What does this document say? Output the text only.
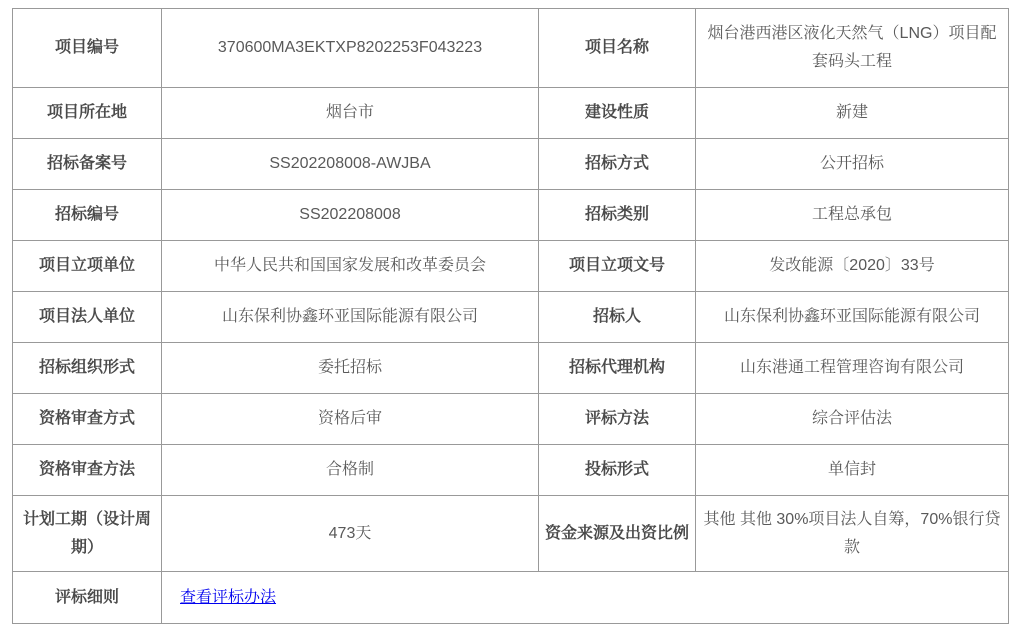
项目编号	370600MA3EKTXP8202253F043223	项目名称	烟台港西港区液化天然气（LNG）项目配套码头工程
项目所在地	烟台市	建设性质	新建
招标备案号	SS202208008-AWJBA	招标方式	公开招标
招标编号	SS202208008	招标类别	工程总承包
项目立项单位	中华人民共和国国家发展和改革委员会	项目立项文号	发改能源〔2020〕33号
项目法人单位	山东保利协鑫环亚国际能源有限公司	招标人	山东保利协鑫环亚国际能源有限公司
招标组织形式	委托招标	招标代理机构	山东港通工程管理咨询有限公司
资格审查方式	资格后审	评标方法	综合评估法
资格审查方法	合格制	投标形式	单信封
计划工期（设计周期）	473天	资金来源及出资比例	其他 其他 30%项目法人自筹，70%银行贷款
评标细则	查看评标办法		
